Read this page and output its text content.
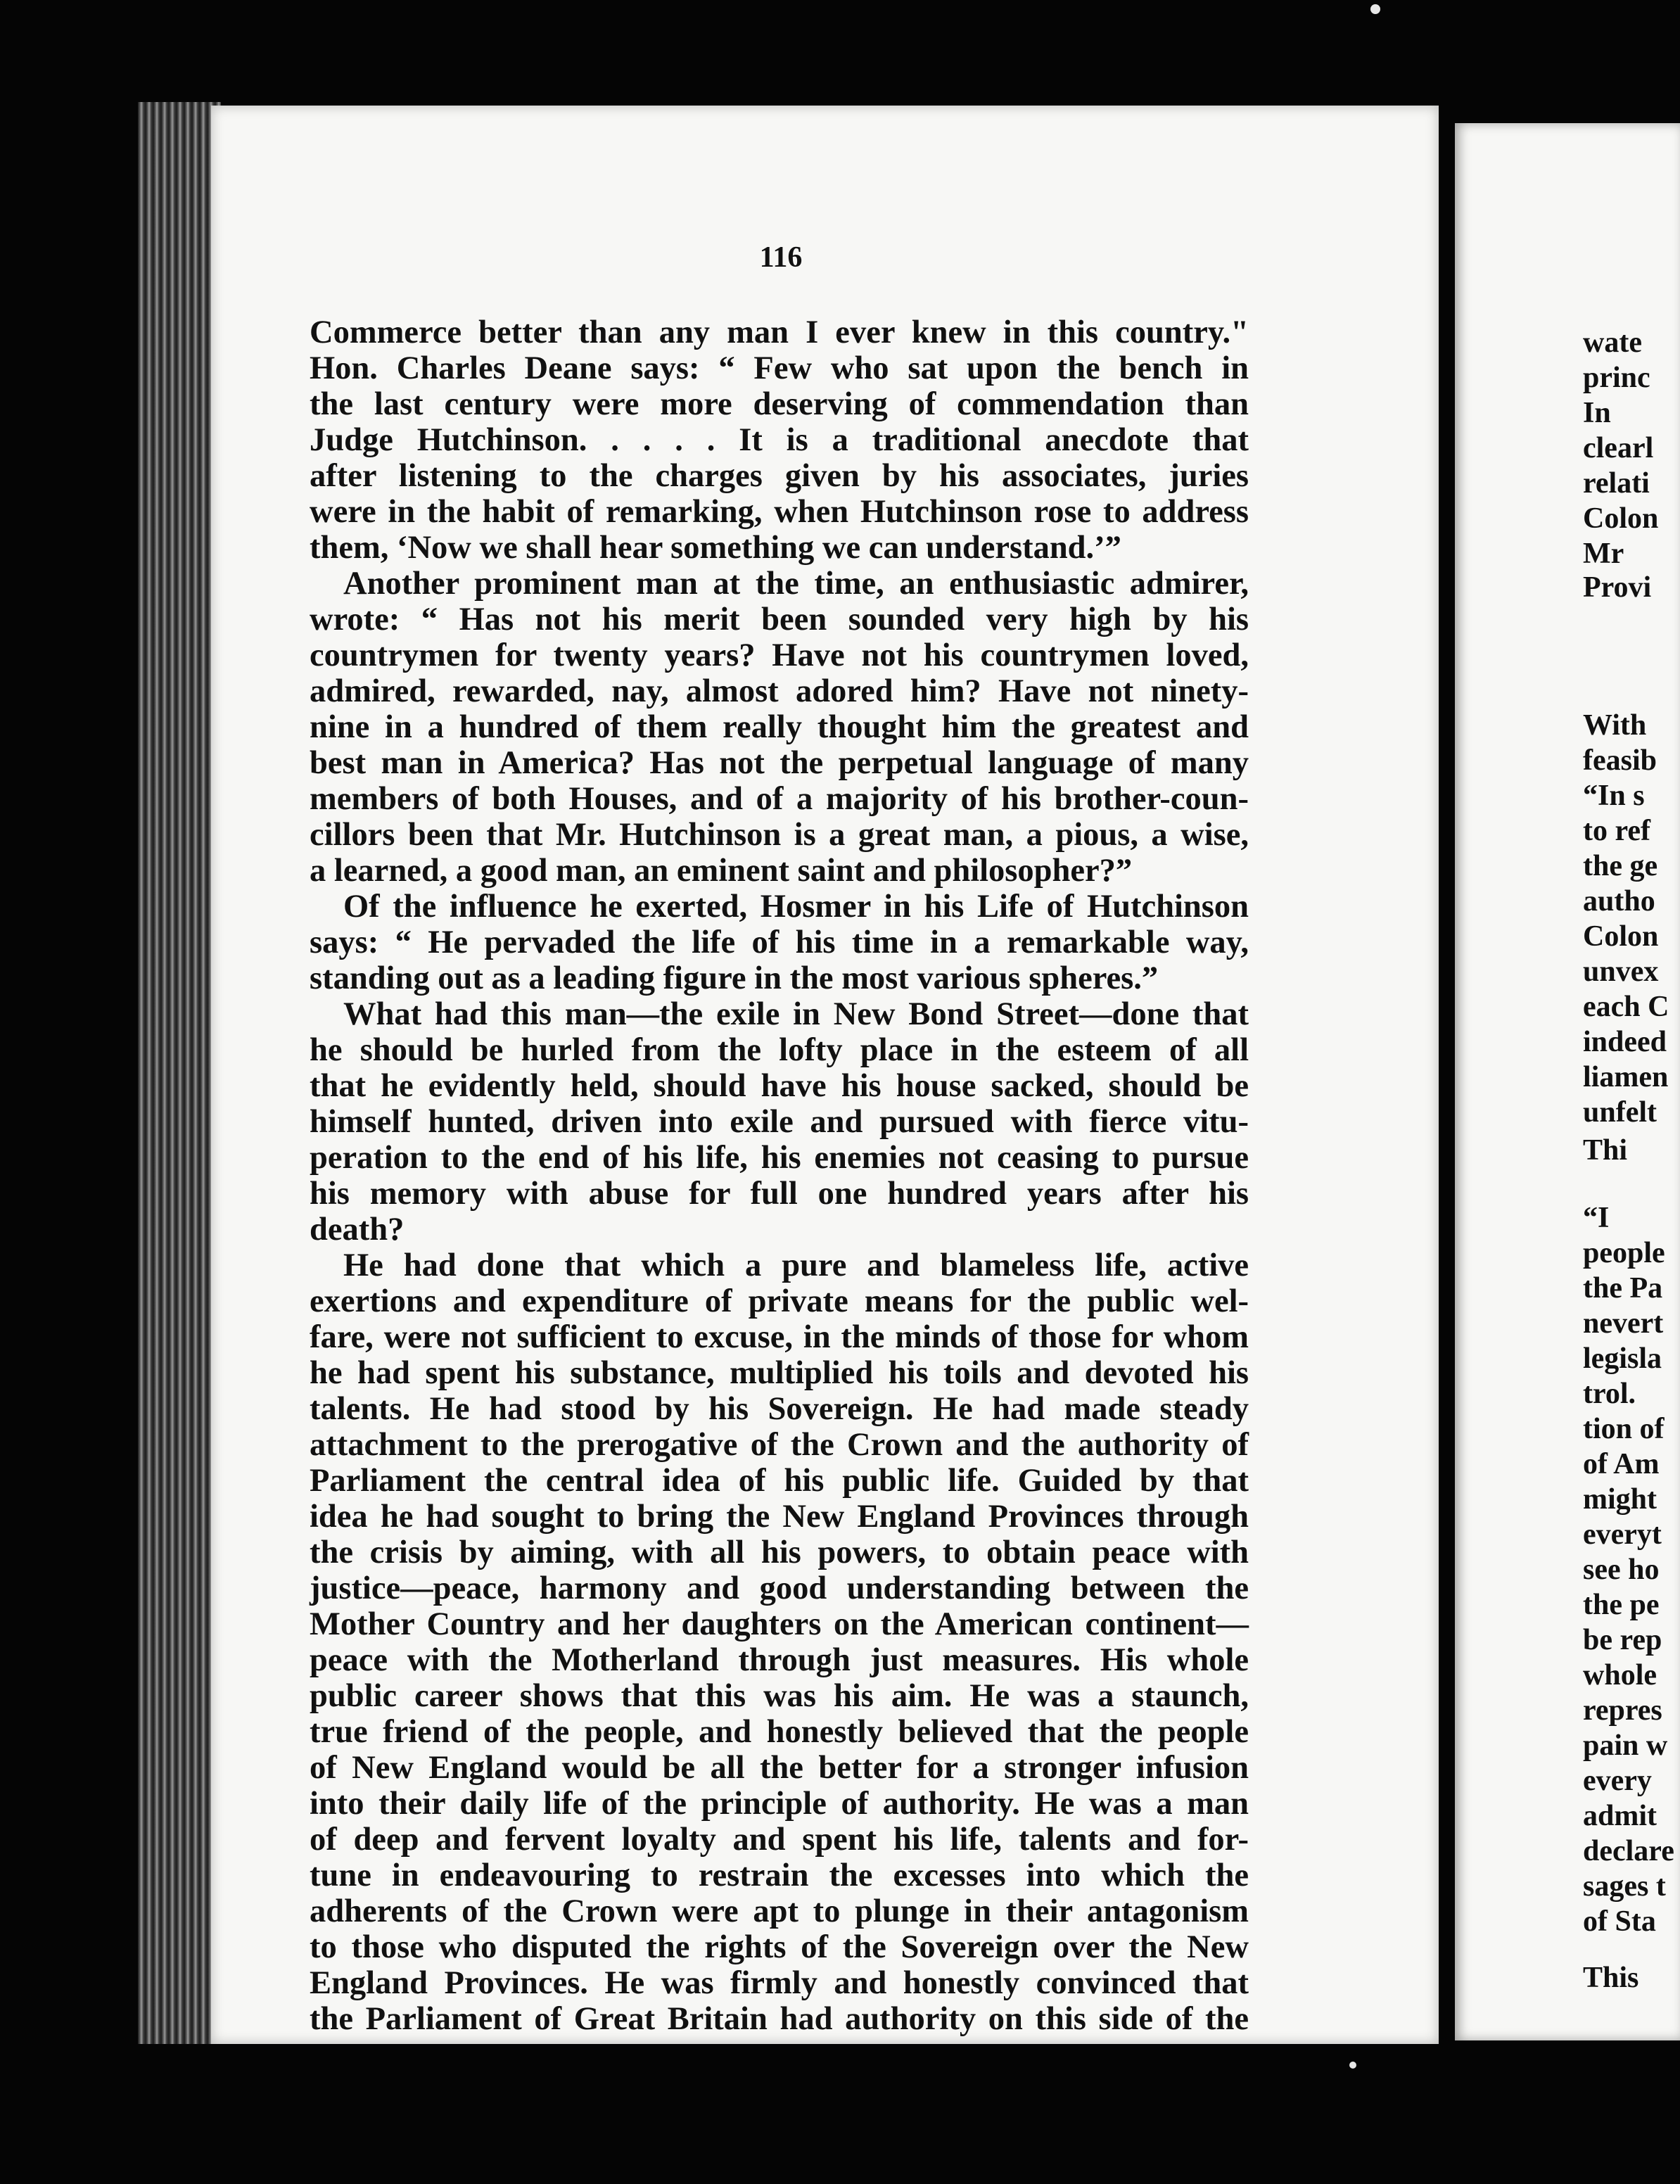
116
Commerce better than any man I ever knew in this country."
Hon. Charles Deane says: “ Few who sat upon the bench in
the last century were more deserving of commendation than
Judge Hutchinson. . . . . It is a traditional anecdote that
after listening to the charges given by his associates, juries
were in the habit of remarking, when Hutchinson rose to address
them, ‘Now we shall hear something we can understand.’”
Another prominent man at the time, an enthusiastic admirer,
wrote: “ Has not his merit been sounded very high by his
countrymen for twenty years? Have not his countrymen loved,
admired, rewarded, nay, almost adored him? Have not ninety-
nine in a hundred of them really thought him the greatest and
best man in America? Has not the perpetual language of many
members of both Houses, and of a majority of his brother-coun-
cillors been that Mr. Hutchinson is a great man, a pious, a wise,
a learned, a good man, an eminent saint and philosopher?”
Of the influence he exerted, Hosmer in his Life of Hutchinson
says: “ He pervaded the life of his time in a remarkable way,
standing out as a leading figure in the most various spheres.”
What had this man—the exile in New Bond Street—done that
he should be hurled from the lofty place in the esteem of all
that he evidently held, should have his house sacked, should be
himself hunted, driven into exile and pursued with fierce vitu-
peration to the end of his life, his enemies not ceasing to pursue
his memory with abuse for full one hundred years after his
death?
He had done that which a pure and blameless life, active
exertions and expenditure of private means for the public wel-
fare, were not sufficient to excuse, in the minds of those for whom
he had spent his substance, multiplied his toils and devoted his
talents. He had stood by his Sovereign. He had made steady
attachment to the prerogative of the Crown and the authority of
Parliament the central idea of his public life. Guided by that
idea he had sought to bring the New England Provinces through
the crisis by aiming, with all his powers, to obtain peace with
justice—peace, harmony and good understanding between the
Mother Country and her daughters on the American continent—
peace with the Motherland through just measures. His whole
public career shows that this was his aim. He was a staunch,
true friend of the people, and honestly believed that the people
of New England would be all the better for a stronger infusion
into their daily life of the principle of authority. He was a man
of deep and fervent loyalty and spent his life, talents and for-
tune in endeavouring to restrain the excesses into which the
adherents of the Crown were apt to plunge in their antagonism
to those who disputed the rights of the Sovereign over the New
England Provinces. He was firmly and honestly convinced that
the Parliament of Great Britain had authority on this side of the
wate
princ
In
clearl
relati
Colon
Mr
Provi
With
feasib
“In s
to ref
the ge
autho
Colon
unvex
each C
indeed
liamen
unfelt
Thi
“I
people
the Pa
nevert
legisla
trol.
tion of
of Am
might
everyt
see ho
the pe
be rep
whole
repres
pain w
every
admit
declare
sages t
of Sta
This
